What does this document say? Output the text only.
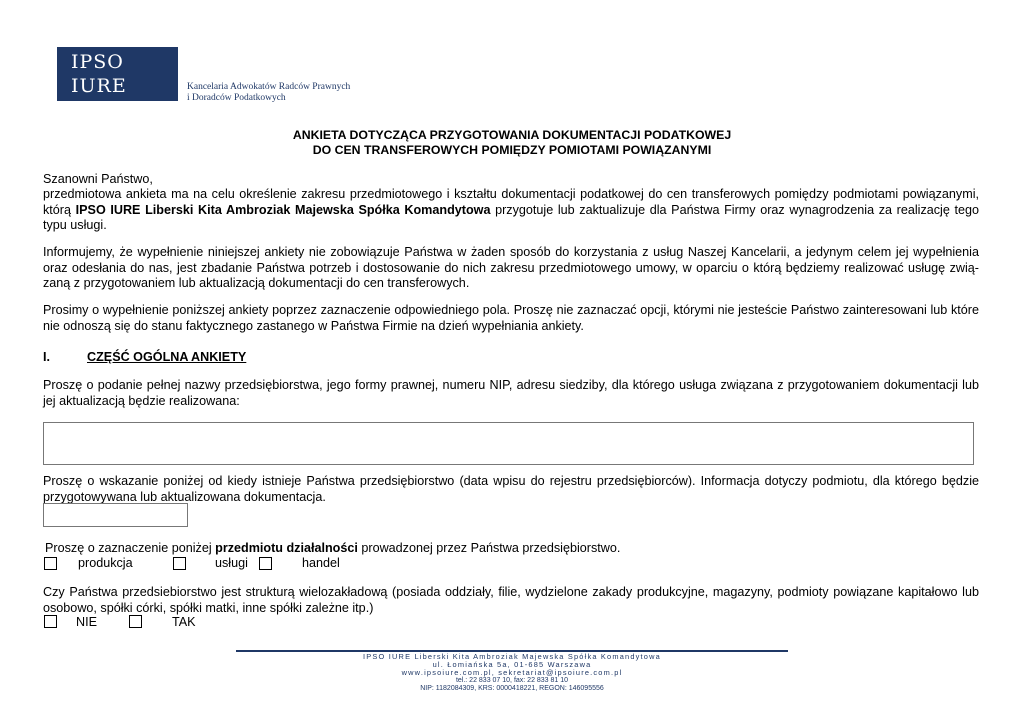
IPSO
IURE	Kancelaria Adwokatów Radców Prawnych
i Doradców Podatkowych
ANKIETA DOTYCZĄCA PRZYGOTOWANIA DOKUMENTACJI PODATKOWEJ
DO CEN TRANSFEROWYCH POMIĘDZY POMIOTAMI POWIĄZANYMI

Szanowni Państwo,

przedmiotowa ankieta ma na celu określenie zakresu przedmiotowego i kształtu dokumentacji podatkowej do cen transferowych pomiędzy podmiotami powiązanymi, którą IPSO IURE Liberski Kita Ambroziak Majewska Spółka Komandytowa przygotuje lub zaktualizuje dla Państwa Firmy oraz wynagrodzenia za realizację tego typu usługi.

Informujemy, że wypełnienie niniejszej ankiety nie zobowiązuje Państwa w żaden sposób do korzystania z usług Naszej Kancelarii, a jedynym celem jej wypełnienia oraz odesłania do nas, jest zbadanie Państwa potrzeb i dostosowanie do nich zakresu przedmiotowego umowy, w oparciu o którą będziemy realizować usługę zwią-zaną z przygotowaniem lub aktualizacją dokumentacji do cen transferowych.

Prosimy o wypełnienie poniższej ankiety poprzez zaznaczenie odpowiedniego pola. Proszę nie zaznaczać opcji, którymi nie jesteście Państwo zainteresowani lub które nie odnoszą się do stanu faktycznego zastanego w Państwa Firmie na dzień wypełniania ankiety.

I.	CZĘŚĆ OGÓLNA ANKIETY

Proszę o podanie pełnej nazwy przedsiębiorstwa, jego formy prawnej, numeru NIP, adresu siedziby, dla którego usługa związana z przygotowaniem dokumentacji lub jej aktualizacją będzie realizowana:

Proszę o wskazanie poniżej od kiedy istnieje Państwa przedsiębiorstwo (data wpisu do rejestru przedsiębiorców). Informacja dotyczy podmiotu, dla którego będzie przygotowywana lub aktualizowana dokumentacja.

Proszę o zaznaczenie poniżej przedmiotu działalności prowadzonej przez Państwa przedsiębiorstwo.

produkcja	usługi	handel

Czy Państwa przedsiebiorstwo jest strukturą wielozakładową (posiada oddziały, filie, wydzielone zakady produkcyjne, magazyny, podmioty powiązane kapitałowo lub osobowo, spółki córki, spółki matki, inne spółki zależne itp.)

NIE	TAK
IPSO IURE Liberski Kita Ambroziak Majewska Spółka Komandytowa
ul. Łomiańska 5a, 01-685 Warszawa
www.ipsoiure.com.pl, sekretariat@ipsoiure.com.pl
tel.: 22 833 07 10, fax: 22 833 81 10
NIP: 1182084309, KRS: 0000418221, REGON: 146095556
